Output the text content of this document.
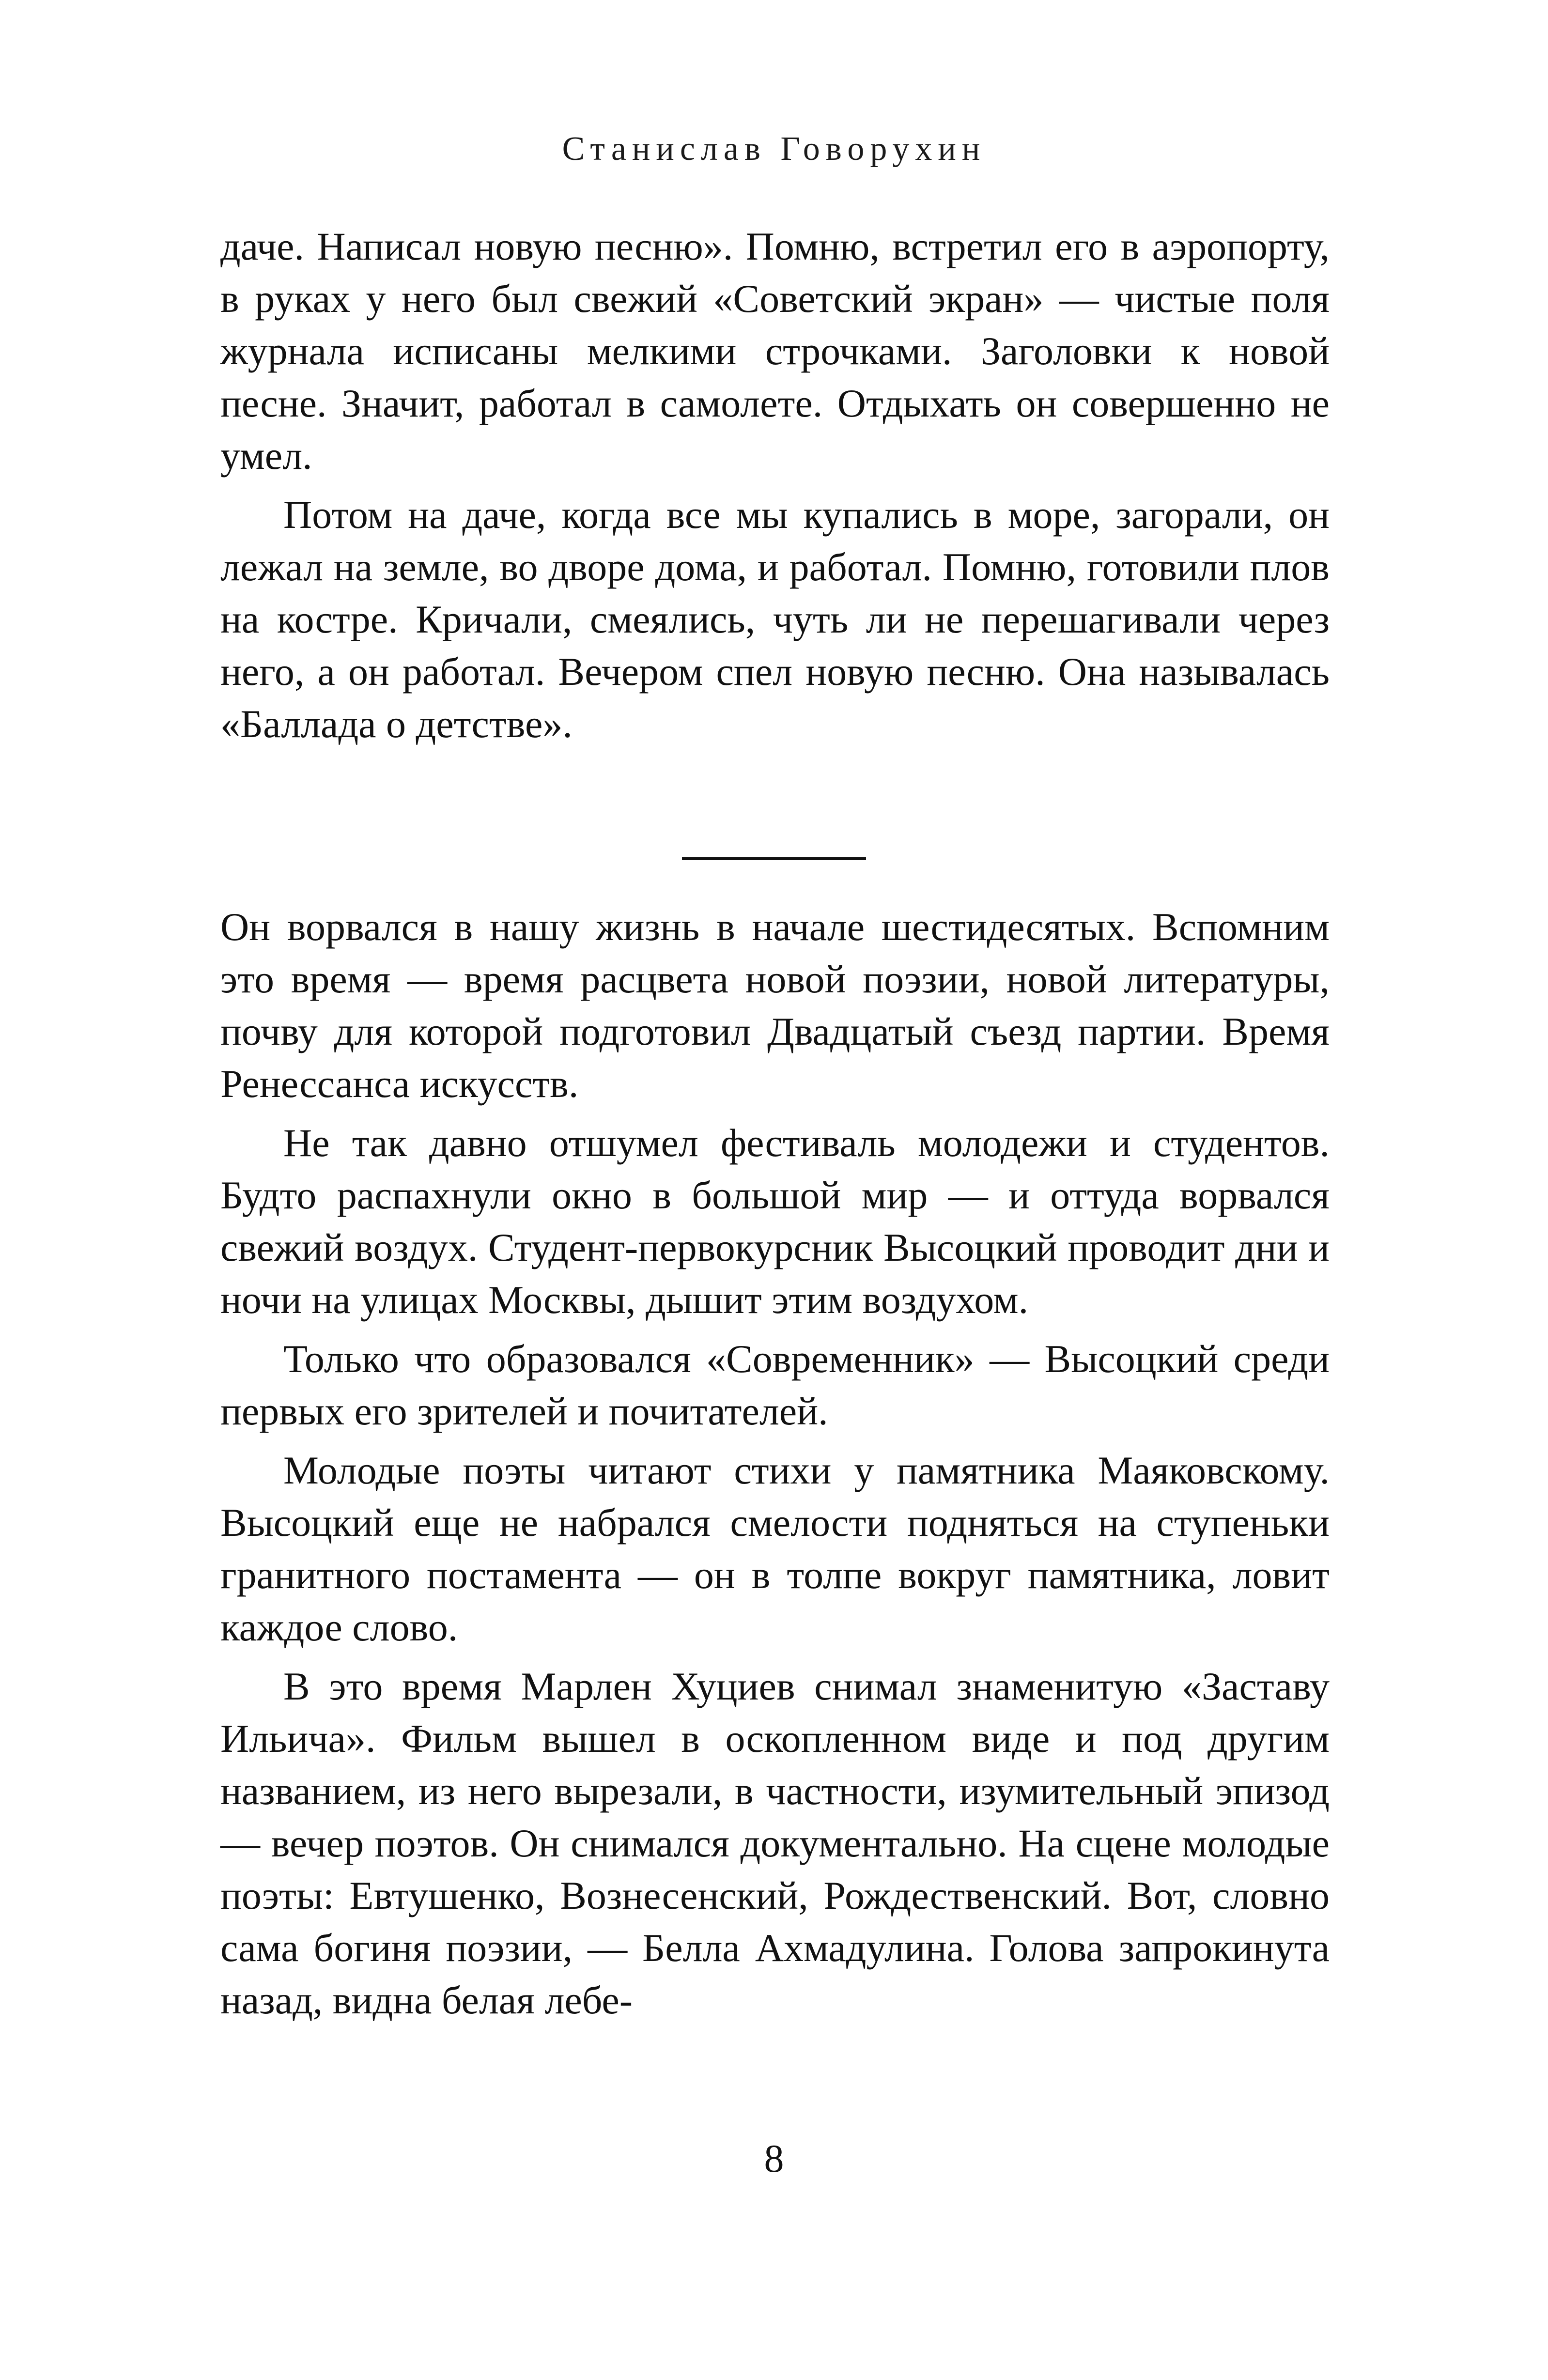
Станислав Говорухин

даче. Написал новую песню». Помню, встретил его в аэропорту, в руках у него был свежий «Советский экран» — чистые поля журнала исписаны мелкими строчками. Заголовки к новой песне. Значит, работал в самолете. Отдыхать он совершенно не умел.

Потом на даче, когда все мы купались в море, загорали, он лежал на земле, во дворе дома, и работал. Помню, готовили плов на костре. Кричали, смеялись, чуть ли не перешагивали через него, а он работал. Вечером спел новую песню. Она называлась «Баллада о детстве».

Он ворвался в нашу жизнь в начале шестидесятых. Вспомним это время — время расцвета новой поэзии, новой литературы, почву для которой подготовил Двадцатый съезд партии. Время Ренессанса искусств.

Не так давно отшумел фестиваль молодежи и студентов. Будто распахнули окно в большой мир — и оттуда ворвался свежий воздух. Студент-первокурсник Высоцкий проводит дни и ночи на улицах Москвы, дышит этим воздухом.

Только что образовался «Современник» — Высоцкий среди первых его зрителей и почитателей.

Молодые поэты читают стихи у памятника Маяковскому. Высоцкий еще не набрался смелости подняться на ступеньки гранитного постамента — он в толпе вокруг памятника, ловит каждое слово.

В это время Марлен Хуциев снимал знаменитую «Заставу Ильича». Фильм вышел в оскопленном виде и под другим названием, из него вырезали, в частности, изумительный эпизод — вечер поэтов. Он снимался документально. На сцене молодые поэты: Евтушенко, Вознесенский, Рождественский. Вот, словно сама богиня поэзии, — Белла Ахмадулина. Голова запрокинута назад, видна белая лебе-

8
